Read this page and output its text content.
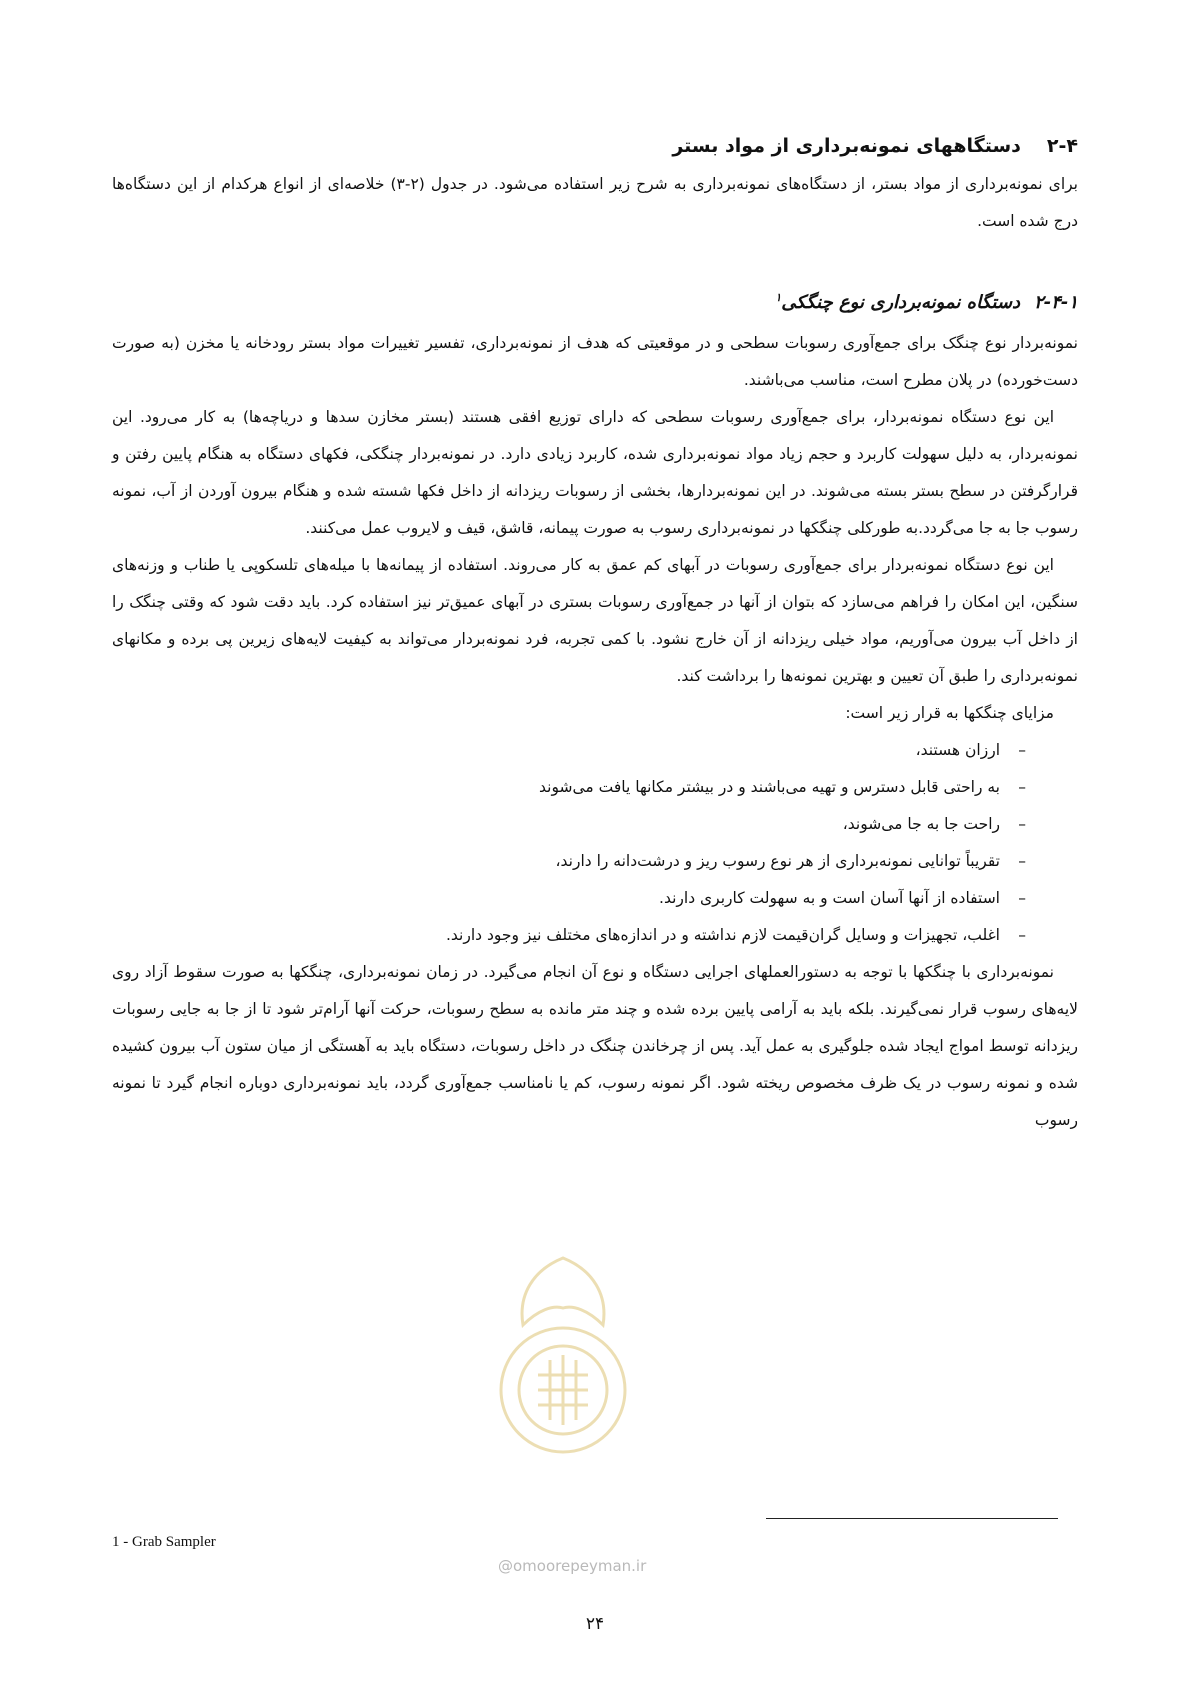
۲-۴دستگاههای نمونه‌برداری از مواد بستر

برای نمونه‌برداری از مواد بستر، از دستگاه‌های نمونه‌برداری به شرح زیر استفاده می‌شود. در جدول (۲-۳) خلاصه‌ای از انواع هرکدام از این دستگاه‌ها درج شده است.

۲-۴-۱دستگاه نمونه‌برداری نوع چنگکی$^۱$

نمونه‌بردار نوع چنگک برای جمع‌آوری رسوبات سطحی و در موقعیتی که هدف از نمونه‌برداری، تفسیر تغییرات مواد بستر رودخانه یا مخزن (به صورت دست‌خورده) در پلان مطرح است، مناسب می‌باشند.

این نوع دستگاه نمونه‌بردار، برای جمع‌آوری رسوبات سطحی که دارای توزیع افقی هستند (بستر مخازن سدها و دریاچه‌ها) به کار می‌رود. این نمونه‌بردار، به دلیل سهولت کاربرد و حجم زیاد مواد نمونه‌برداری شده، کاربرد زیادی دارد. در نمونه‌بردار چنگکی، فکهای دستگاه به هنگام پایین رفتن و قرارگرفتن در سطح بستر بسته می‌شوند. در این نمونه‌بردارها، بخشی از رسوبات ریزدانه از داخل فکها شسته شده و هنگام بیرون آوردن از آب، نمونه رسوب جا به جا می‌گردد.به طورکلی چنگکها در نمونه‌برداری رسوب به صورت پیمانه، قاشق، قیف و لایروب عمل می‌کنند.

این نوع دستگاه نمونه‌بردار برای جمع‌آوری رسوبات در آبهای کم عمق به کار می‌روند. استفاده از پیمانه‌ها با میله‌های تلسکوپی یا طناب و وزنه‌های سنگین، این امکان را فراهم می‌سازد که بتوان از آنها در جمع‌آوری رسوبات بستری در آبهای عمیق‌تر نیز استفاده کرد. باید دقت شود که وقتی چنگک را از داخل آب بیرون می‌آوریم، مواد خیلی ریزدانه از آن خارج نشود. با کمی تجربه، فرد نمونه‌بردار می‌تواند به کیفیت لایه‌های زیرین پی برده و مکانهای نمونه‌برداری را طبق آن تعیین و بهترین نمونه‌ها را برداشت کند.

مزایای چنگکها به قرار زیر است:

–
ارزان هستند،
–
به راحتی قابل دسترس و تهیه می‌باشند و در بیشتر مکانها یافت می‌شوند
–
راحت جا به جا می‌شوند،
–
تقریباً توانایی نمونه‌برداری از هر نوع رسوب ریز و درشت‌دانه را دارند،
–
استفاده از آنها آسان است و به سهولت کاربری دارند.
–
اغلب، تجهیزات و وسایل گران‌قیمت لازم نداشته و در اندازه‌های مختلف نیز وجود دارند.

نمونه‌برداری با چنگکها با توجه به دستورالعملهای اجرایی دستگاه و نوع آن انجام می‌گیرد. در زمان نمونه‌برداری، چنگکها به صورت سقوط آزاد روی لایه‌های رسوب قرار نمی‌گیرند. بلکه باید به آرامی پایین برده شده و چند متر مانده به سطح رسوبات، حرکت آنها آرام‌تر شود تا از جا به جایی رسوبات ریزدانه توسط امواج ایجاد شده جلوگیری به عمل آید. پس از چرخاندن چنگک در داخل رسوبات، دستگاه باید به آهستگی از میان ستون آب بیرون کشیده شده و نمونه رسوب در یک ظرف مخصوص ریخته شود. اگر نمونه رسوب، کم یا نامناسب جمع‌آوری گردد، باید نمونه‌برداری دوباره انجام گیرد تا نمونه رسوب

@omoorepeyman.ir
1 - Grab Sampler
۲۴
